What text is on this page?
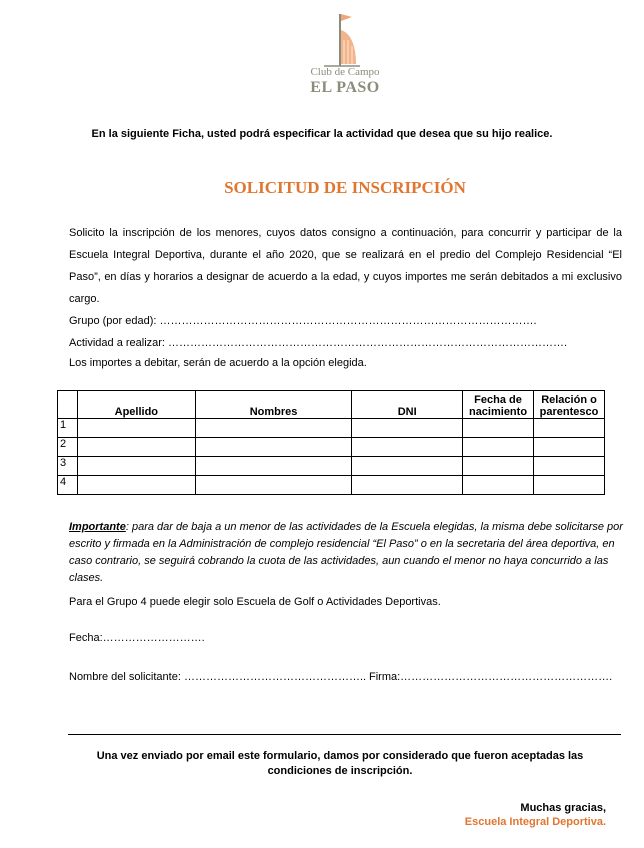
Club de Campo
EL PASO
En la siguiente Ficha, usted podrá especificar la actividad que desea que su hijo realice.
SOLICITUD DE INSCRIPCIÓN
Solicito la inscripción de los menores, cuyos datos consigno a continuación, para concurrir y participar de la Escuela Integral Deportiva, durante el año 2020, que se realizará en el predio del Complejo Residencial “El Paso”, en días y horarios a designar de acuerdo a la edad, y cuyos importes me serán debitados a mi exclusivo cargo.
Grupo (por edad): ………………………………………………………………………………………….
Actividad a realizar: ……………………………………………………………………………………………….
Los importes a debitar, serán de acuerdo a la opción elegida.
	Apellido	Nombres	DNI	Fecha de nacimiento	Relación o parentesco
1					
2					
3					
4					
Importante: para dar de baja a un menor de las actividades de la Escuela elegidas, la misma debe solicitarse por escrito y firmada en la Administración de complejo residencial “El Paso” o en la secretaria del área deportiva, en caso contrario, se seguirá cobrando la cuota de las actividades, aun cuando el menor no haya concurrido a las clases.
Para el Grupo 4 puede elegir solo Escuela de Golf o Actividades Deportivas.
Fecha:……………………….
Nombre del solicitante: ………………………………………….. Firma:………………………………………………….
Una vez enviado por email este formulario, damos por considerado que fueron aceptadas las condiciones de inscripción.
Muchas gracias,
Escuela Integral Deportiva.
